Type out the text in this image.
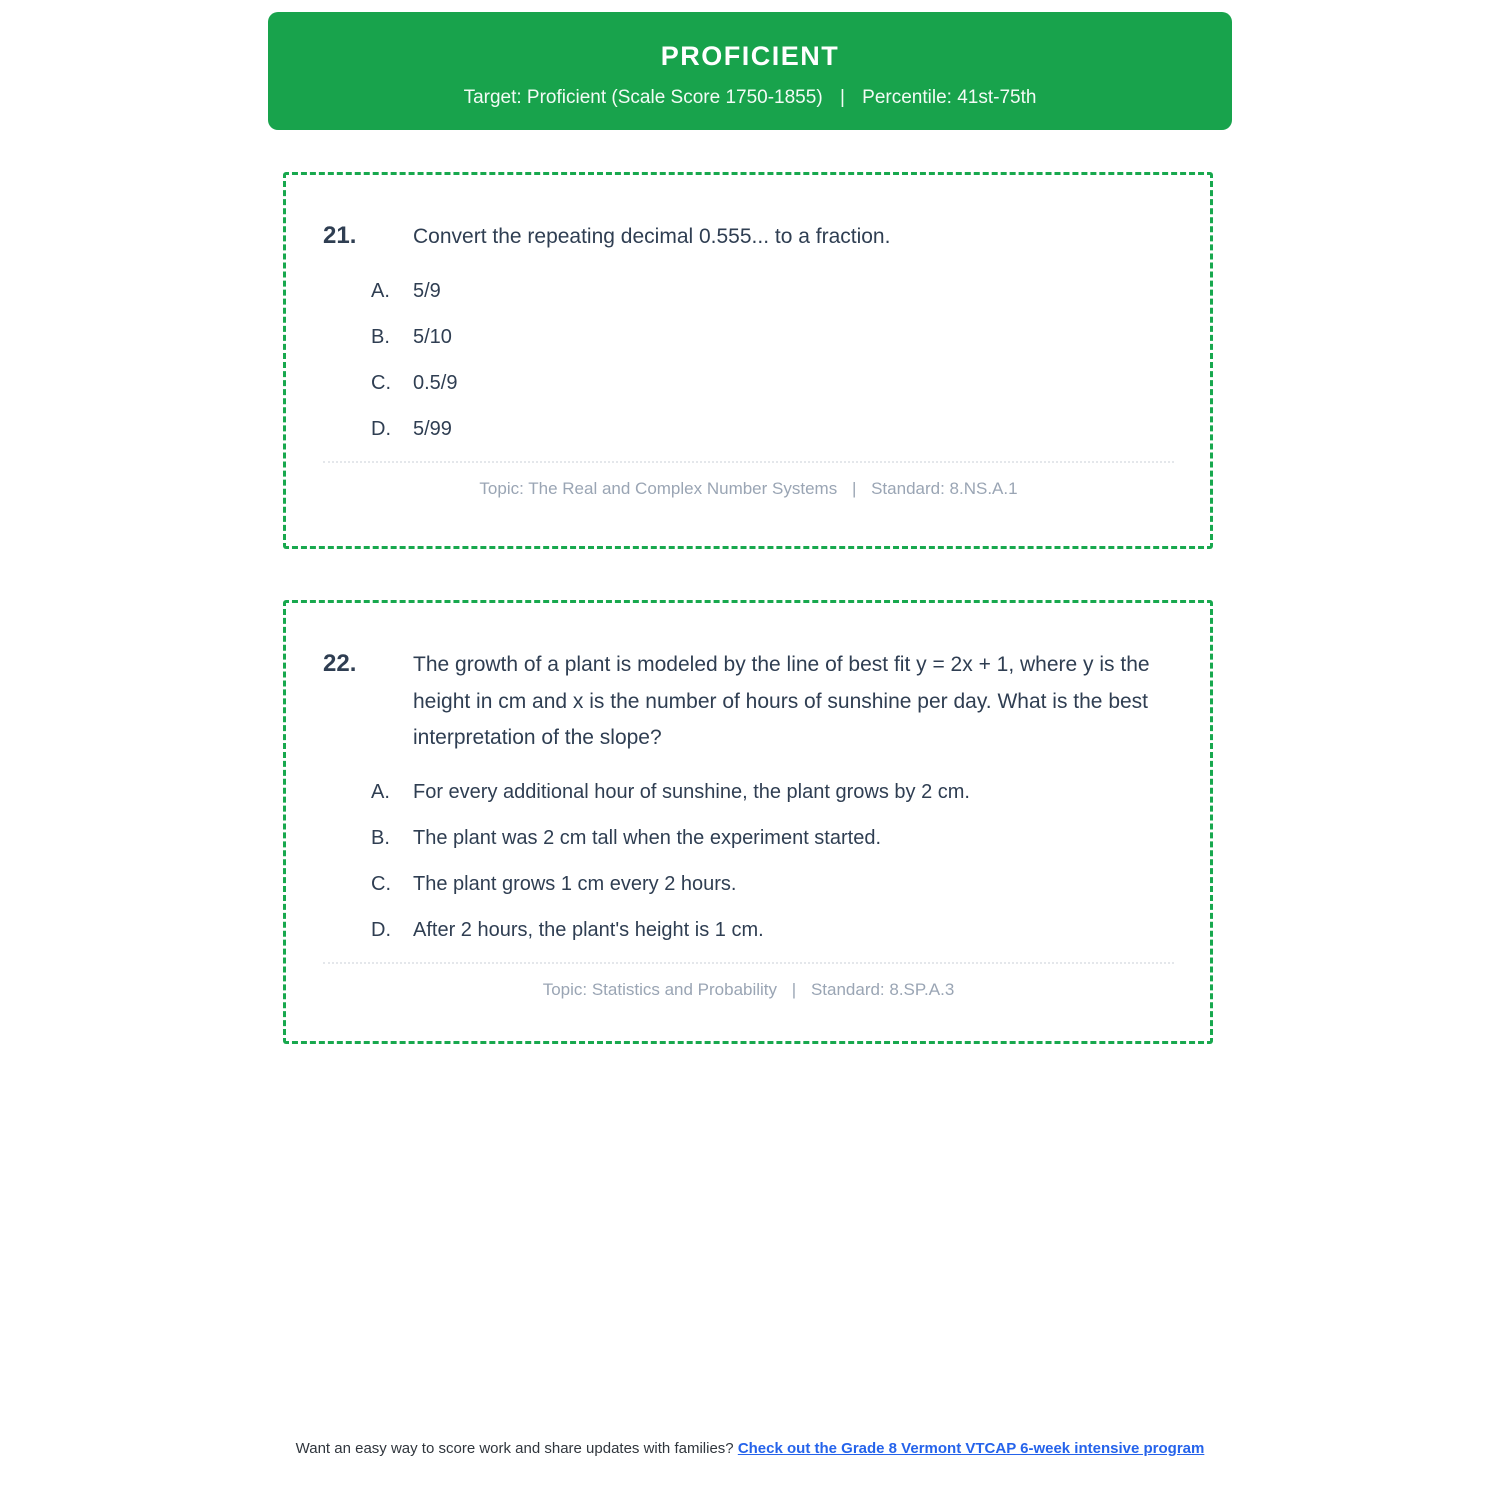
PROFICIENT
Target: Proficient (Scale Score 1750-1855) | Percentile: 41st-75th
21.	Convert the repeating decimal 0.555... to a fraction.
A.	5/9
B.	5/10
C.	0.5/9
D.	5/99
Topic: The Real and Complex Number Systems | Standard: 8.NS.A.1
22.	The growth of a plant is modeled by the line of best fit y = 2x + 1, where y is the height in cm and x is the number of hours of sunshine per day. What is the best interpretation of the slope?
A.	For every additional hour of sunshine, the plant grows by 2 cm.
B.	The plant was 2 cm tall when the experiment started.
C.	The plant grows 1 cm every 2 hours.
D.	After 2 hours, the plant's height is 1 cm.
Topic: Statistics and Probability | Standard: 8.SP.A.3
Want an easy way to score work and share updates with families? Check out the Grade 8 Vermont VTCAP 6-week intensive program
